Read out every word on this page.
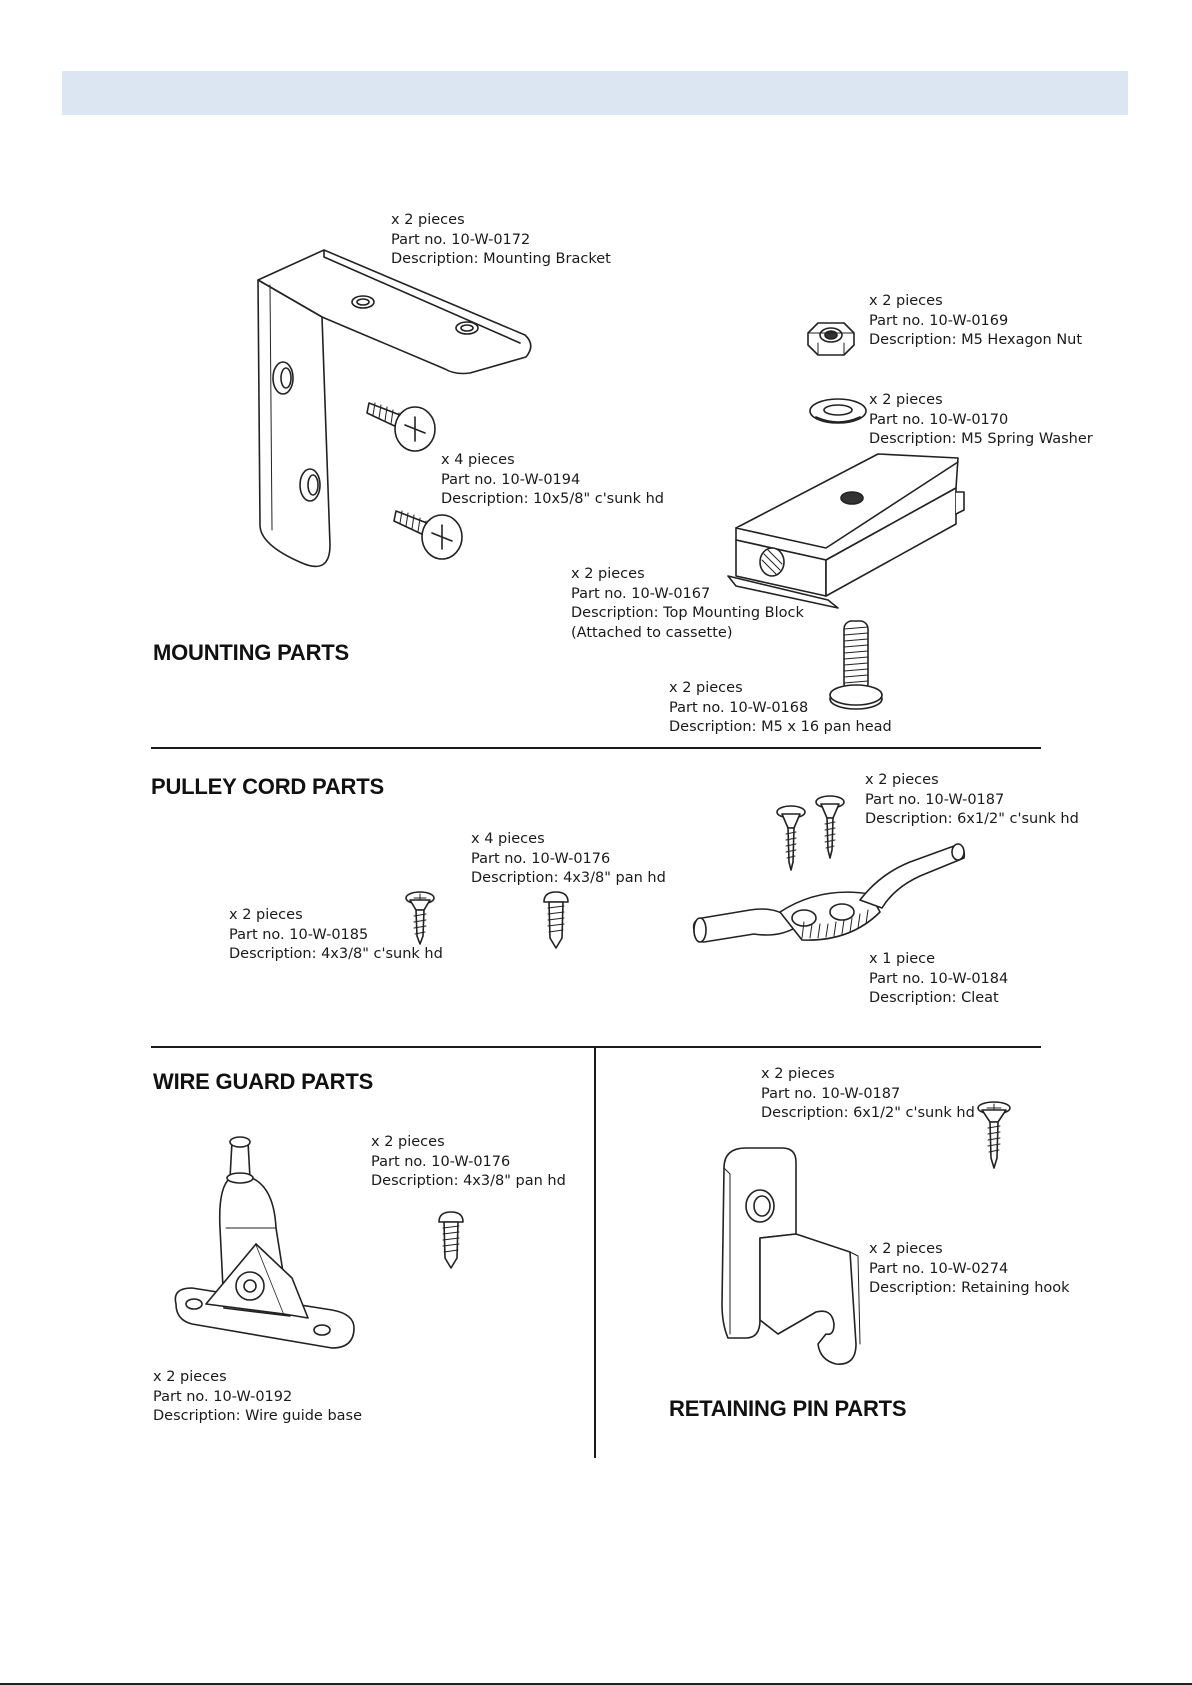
MOUNTING PARTS
x 2 pieces
Part no. 10-W-0172
Description: Mounting Bracket
x 4 pieces
Part no. 10-W-0194
Description: 10x5/8" c'sunk hd
x 2 pieces
Part no. 10-W-0169
Description: M5 Hexagon Nut
x 2 pieces
Part no. 10-W-0170
Description: M5 Spring Washer
x 2 pieces
Part no. 10-W-0167
Description: Top Mounting Block
(Attached to cassette)
x 2 pieces
Part no. 10-W-0168
Description: M5 x 16 pan head
PULLEY CORD PARTS	x 2 pieces
Part no. 10-W-0187
Description: 6x1/2" c'sunk hd
x 4 pieces
Part no. 10-W-0176
Description: 4x3/8" pan hd
x 2 pieces
Part no. 10-W-0185
Description: 4x3/8" c'sunk hd	x 1 piece
Part no. 10-W-0184
Description: Cleat
WIRE GUARD PARTS
x 2 pieces
Part no. 10-W-0176
Description: 4x3/8" pan hd
x 2 pieces
Part no. 10-W-0192
Description: Wire guide base
x 2 pieces
Part no. 10-W-0187
Description: 6x1/2" c'sunk hd
x 2 pieces
Part no. 10-W-0274
Description: Retaining hook
RETAINING PIN PARTS
